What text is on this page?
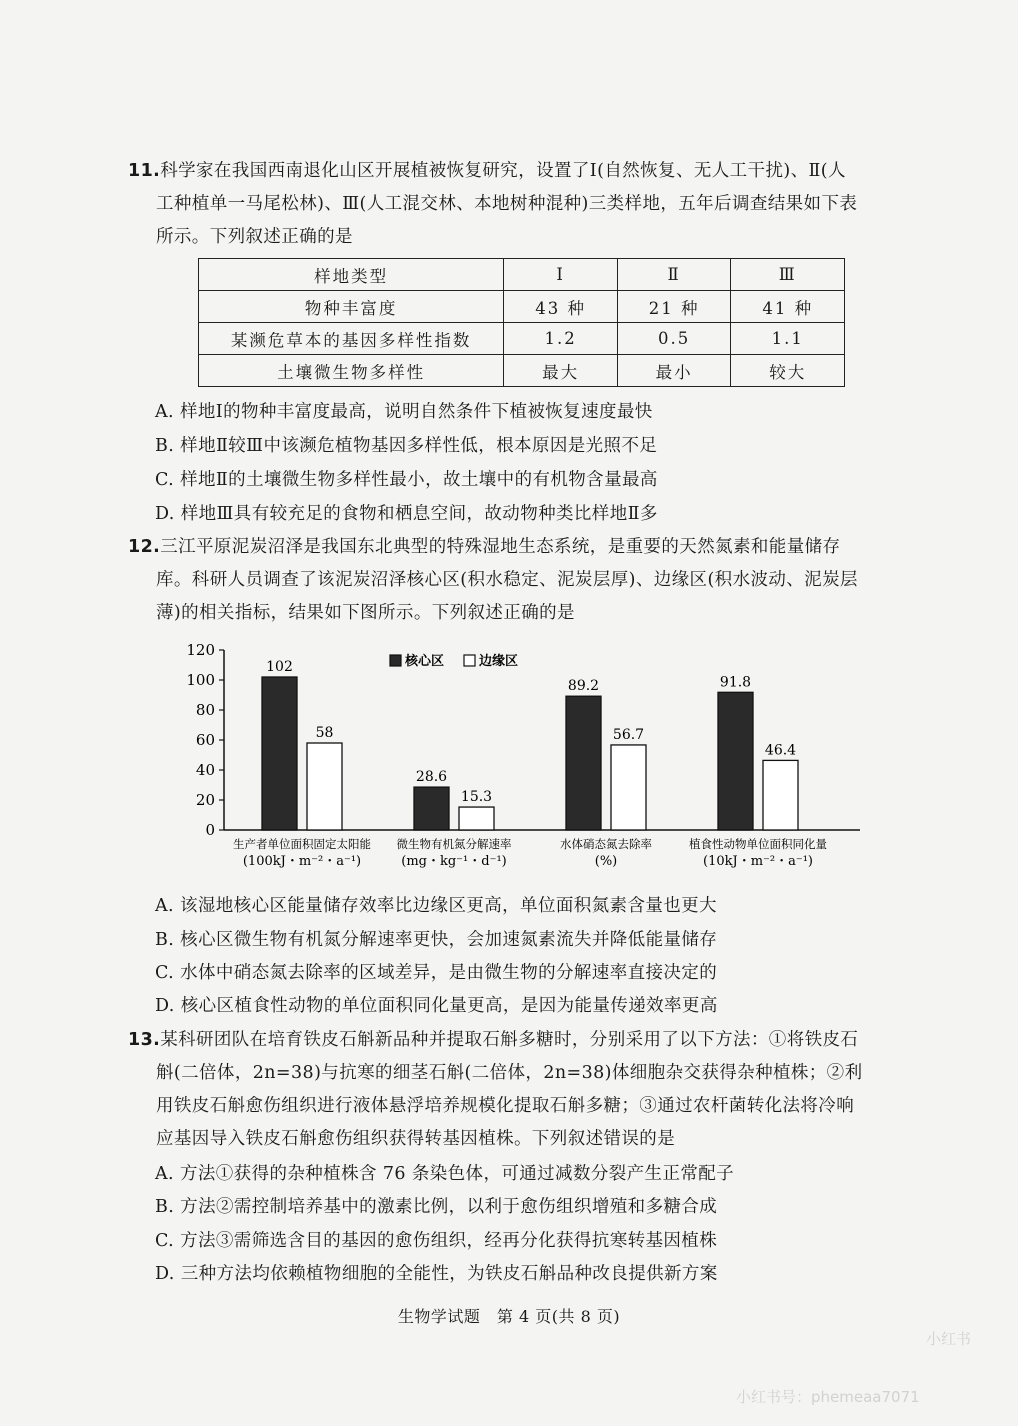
11.科学家在我国西南退化山区开展植被恢复研究，设置了Ⅰ(自然恢复、无人工干扰)、Ⅱ(人
工种植单一马尾松林)、Ⅲ(人工混交林、本地树种混种)三类样地，五年后调查结果如下表
所示。下列叙述正确的是
样地类型	Ⅰ	Ⅱ	Ⅲ
物种丰富度	43 种	21 种	41 种
某濒危草本的基因多样性指数	1.2	0.5	1.1
土壤微生物多样性	最大	最小	较大
A. 样地Ⅰ的物种丰富度最高，说明自然条件下植被恢复速度最快
B. 样地Ⅱ较Ⅲ中该濒危植物基因多样性低，根本原因是光照不足
C. 样地Ⅱ的土壤微生物多样性最小，故土壤中的有机物含量最高
D. 样地Ⅲ具有较充足的食物和栖息空间，故动物种类比样地Ⅱ多
12.三江平原泥炭沼泽是我国东北典型的特殊湿地生态系统，是重要的天然氮素和能量储存
库。科研人员调查了该泥炭沼泽核心区(积水稳定、泥炭层厚)、边缘区(积水波动、泥炭层
薄)的相关指标，结果如下图所示。下列叙述正确的是
0
20
40
60
80
100
120
102
58
生产者单位面积固定太阳能
(100kJ・m⁻²・a⁻¹)
28.6
15.3
微生物有机氮分解速率
(mg・kg⁻¹・d⁻¹)
89.2
56.7
水体硝态氮去除率
(%)
91.8
46.4
植食性动物单位面积同化量
(10kJ・m⁻²・a⁻¹)
核心区	边缘区
A. 该湿地核心区能量储存效率比边缘区更高，单位面积氮素含量也更大
B. 核心区微生物有机氮分解速率更快，会加速氮素流失并降低能量储存
C. 水体中硝态氮去除率的区域差异，是由微生物的分解速率直接决定的
D. 核心区植食性动物的单位面积同化量更高，是因为能量传递效率更高
13.某科研团队在培育铁皮石斛新品种并提取石斛多糖时，分别采用了以下方法：①将铁皮石
斛(二倍体，2n=38)与抗寒的细茎石斛(二倍体，2n=38)体细胞杂交获得杂种植株；②利
用铁皮石斛愈伤组织进行液体悬浮培养规模化提取石斛多糖；③通过农杆菌转化法将冷响
应基因导入铁皮石斛愈伤组织获得转基因植株。下列叙述错误的是
A. 方法①获得的杂种植株含 76 条染色体，可通过减数分裂产生正常配子
B. 方法②需控制培养基中的激素比例，以利于愈伤组织增殖和多糖合成
C. 方法③需筛选含目的基因的愈伤组织，经再分化获得抗寒转基因植株
D. 三种方法均依赖植物细胞的全能性，为铁皮石斛品种改良提供新方案
生物学试题　第 4 页(共 8 页)
小红书
小红书号：phemeaa7071
